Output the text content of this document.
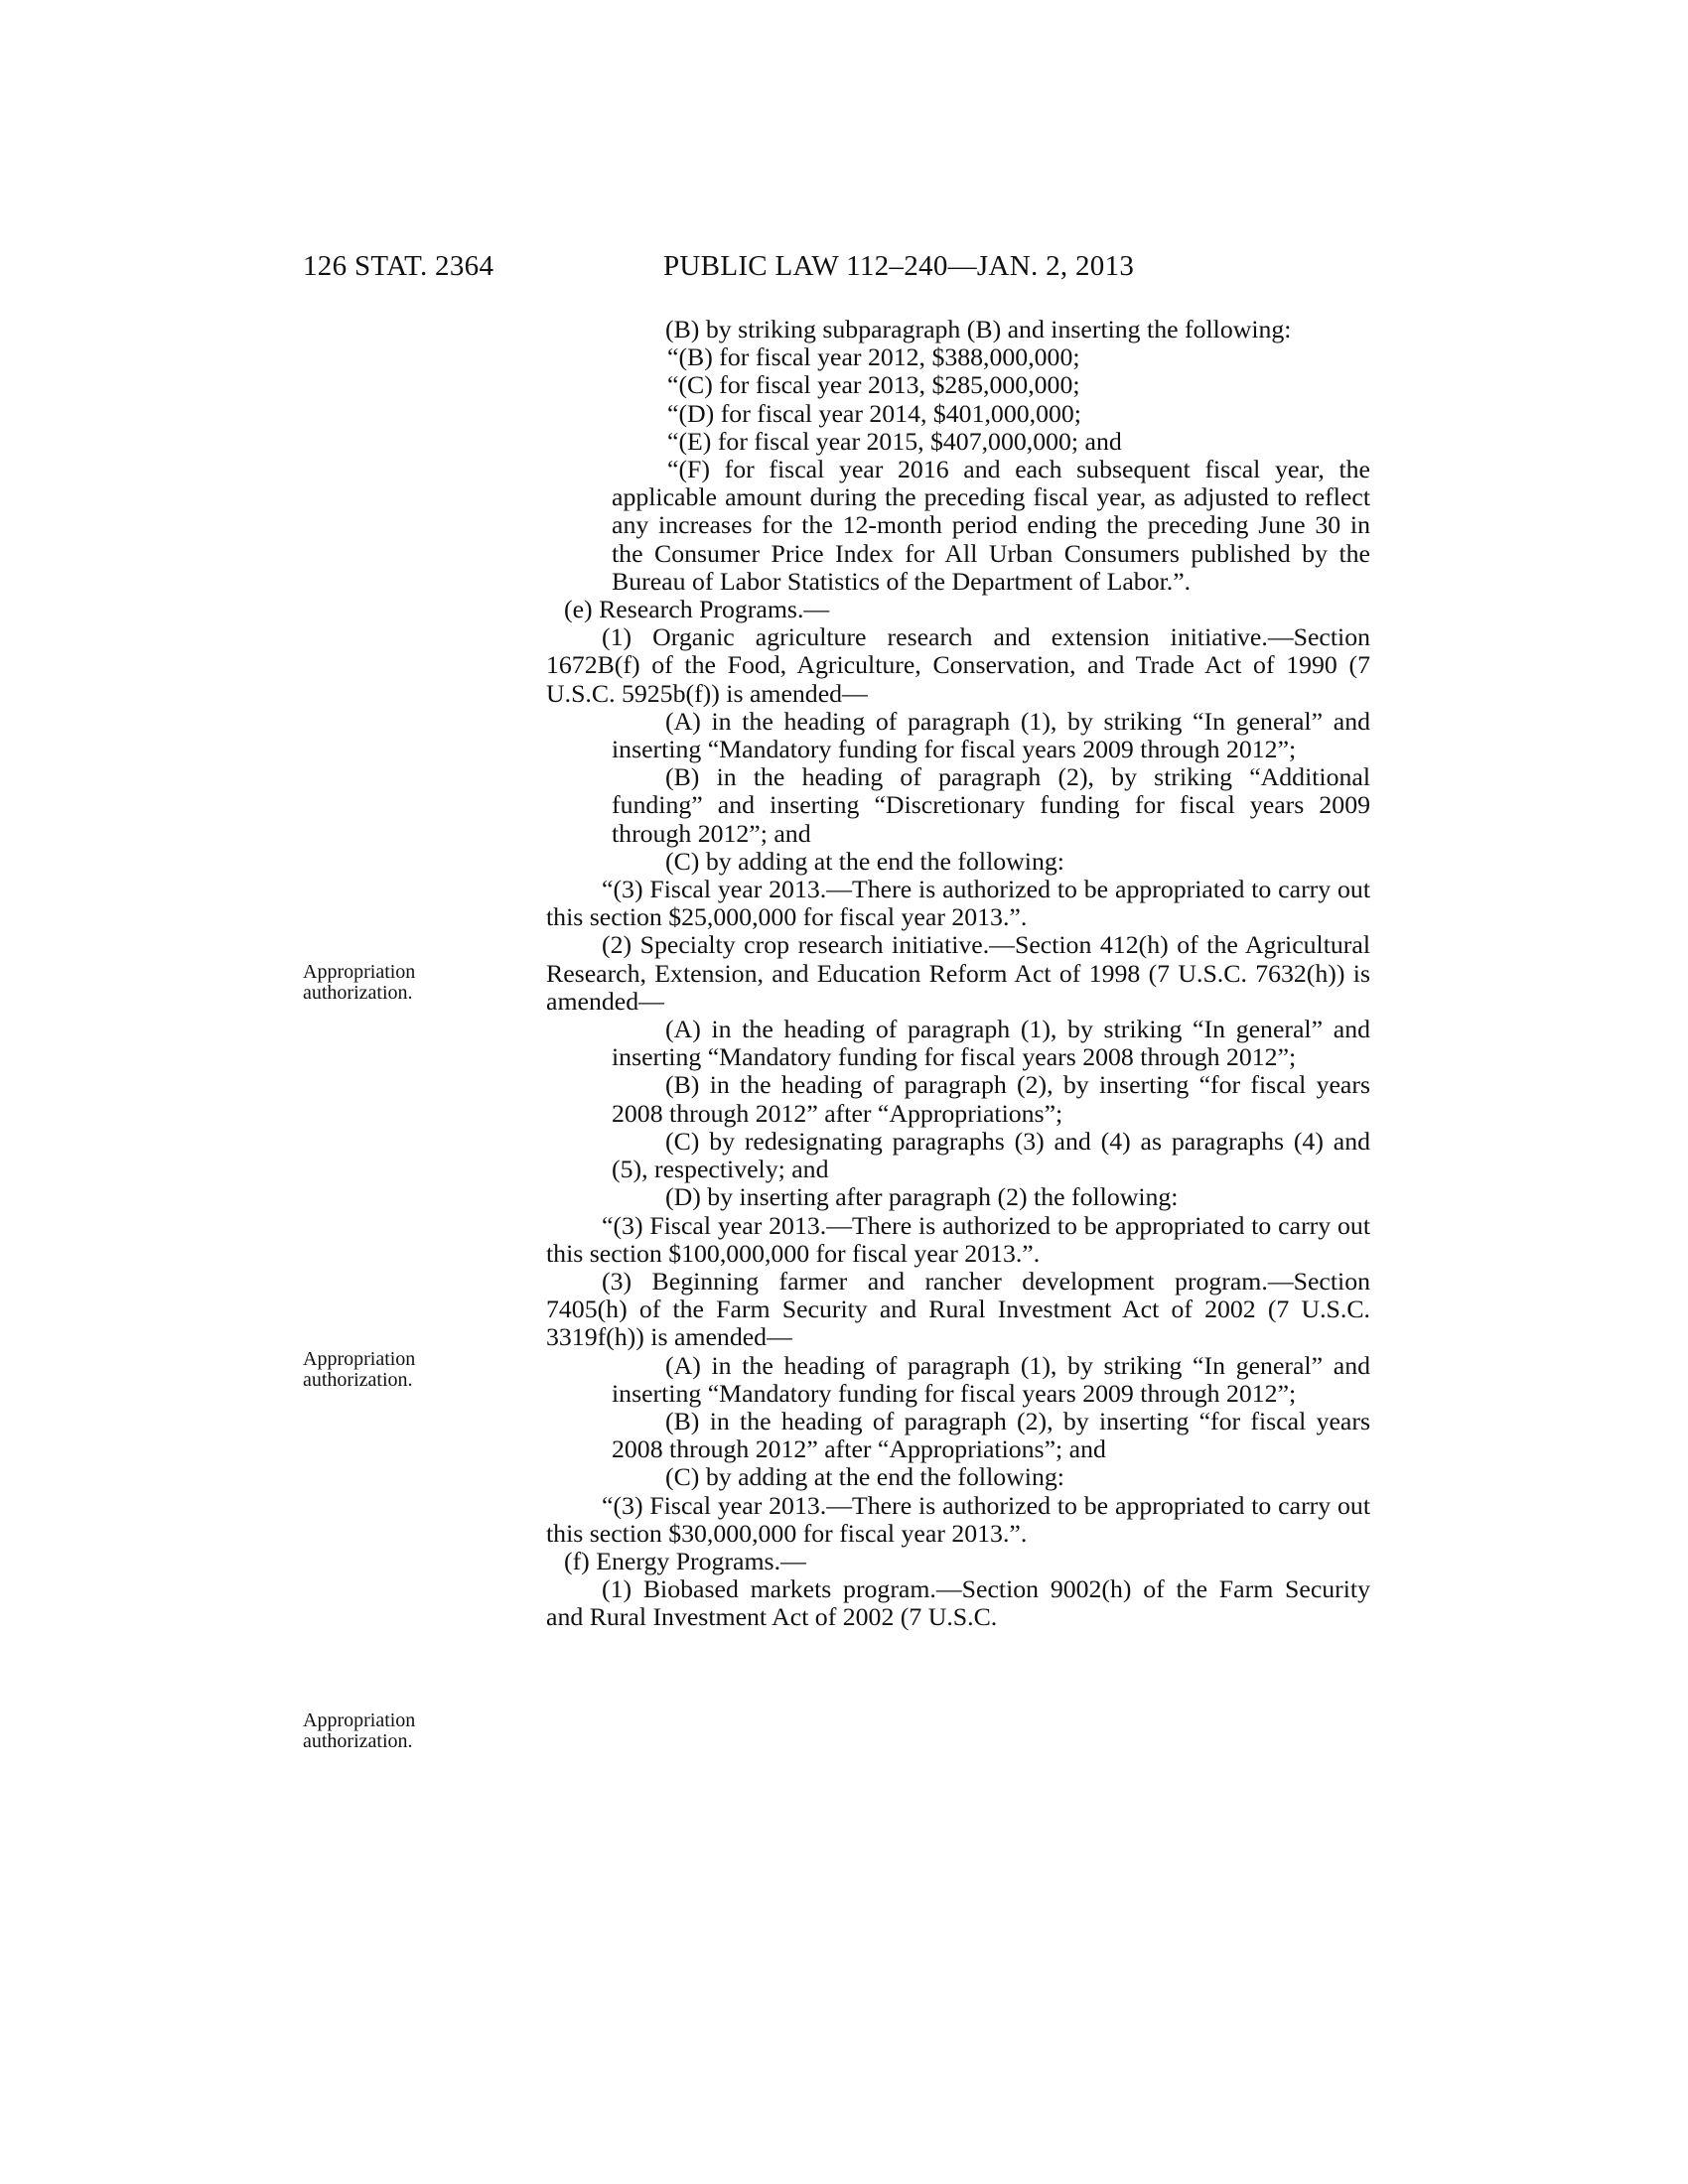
126 STAT. 2364	PUBLIC LAW 112–240—JAN. 2, 2013
Appropriation authorization.
Appropriation authorization.
Appropriation authorization.

(B) by striking subparagraph (B) and inserting the following:

“(B) for fiscal year 2012, $388,000,000;

“(C) for fiscal year 2013, $285,000,000;

“(D) for fiscal year 2014, $401,000,000;

“(E) for fiscal year 2015, $407,000,000; and

“(F) for fiscal year 2016 and each subsequent fiscal year, the applicable amount during the preceding fiscal year, as adjusted to reflect any increases for the 12-month period ending the preceding June 30 in the Consumer Price Index for All Urban Consumers published by the Bureau of Labor Statistics of the Department of Labor.”.

(e) Research Programs.—

(1) Organic agriculture research and extension initiative.—Section 1672B(f) of the Food, Agriculture, Conservation, and Trade Act of 1990 (7 U.S.C. 5925b(f)) is amended—

(A) in the heading of paragraph (1), by striking “In general” and inserting “Mandatory funding for fiscal years 2009 through 2012”;

(B) in the heading of paragraph (2), by striking “Additional funding” and inserting “Discretionary funding for fiscal years 2009 through 2012”; and

(C) by adding at the end the following:

“(3) Fiscal year 2013.—There is authorized to be appropriated to carry out this section $25,000,000 for fiscal year 2013.”.

(2) Specialty crop research initiative.—Section 412(h) of the Agricultural Research, Extension, and Education Reform Act of 1998 (7 U.S.C. 7632(h)) is amended—

(A) in the heading of paragraph (1), by striking “In general” and inserting “Mandatory funding for fiscal years 2008 through 2012”;

(B) in the heading of paragraph (2), by inserting “for fiscal years 2008 through 2012” after “Appropriations”;

(C) by redesignating paragraphs (3) and (4) as paragraphs (4) and (5), respectively; and

(D) by inserting after paragraph (2) the following:

“(3) Fiscal year 2013.—There is authorized to be appropriated to carry out this section $100,000,000 for fiscal year 2013.”.

(3) Beginning farmer and rancher development program.—Section 7405(h) of the Farm Security and Rural Investment Act of 2002 (7 U.S.C. 3319f(h)) is amended—

(A) in the heading of paragraph (1), by striking “In general” and inserting “Mandatory funding for fiscal years 2009 through 2012”;

(B) in the heading of paragraph (2), by inserting “for fiscal years 2008 through 2012” after “Appropriations”; and

(C) by adding at the end the following:

“(3) Fiscal year 2013.—There is authorized to be appropriated to carry out this section $30,000,000 for fiscal year 2013.”.

(f) Energy Programs.—

(1) Biobased markets program.—Section 9002(h) of the Farm Security and Rural Investment Act of 2002 (7 U.S.C.
